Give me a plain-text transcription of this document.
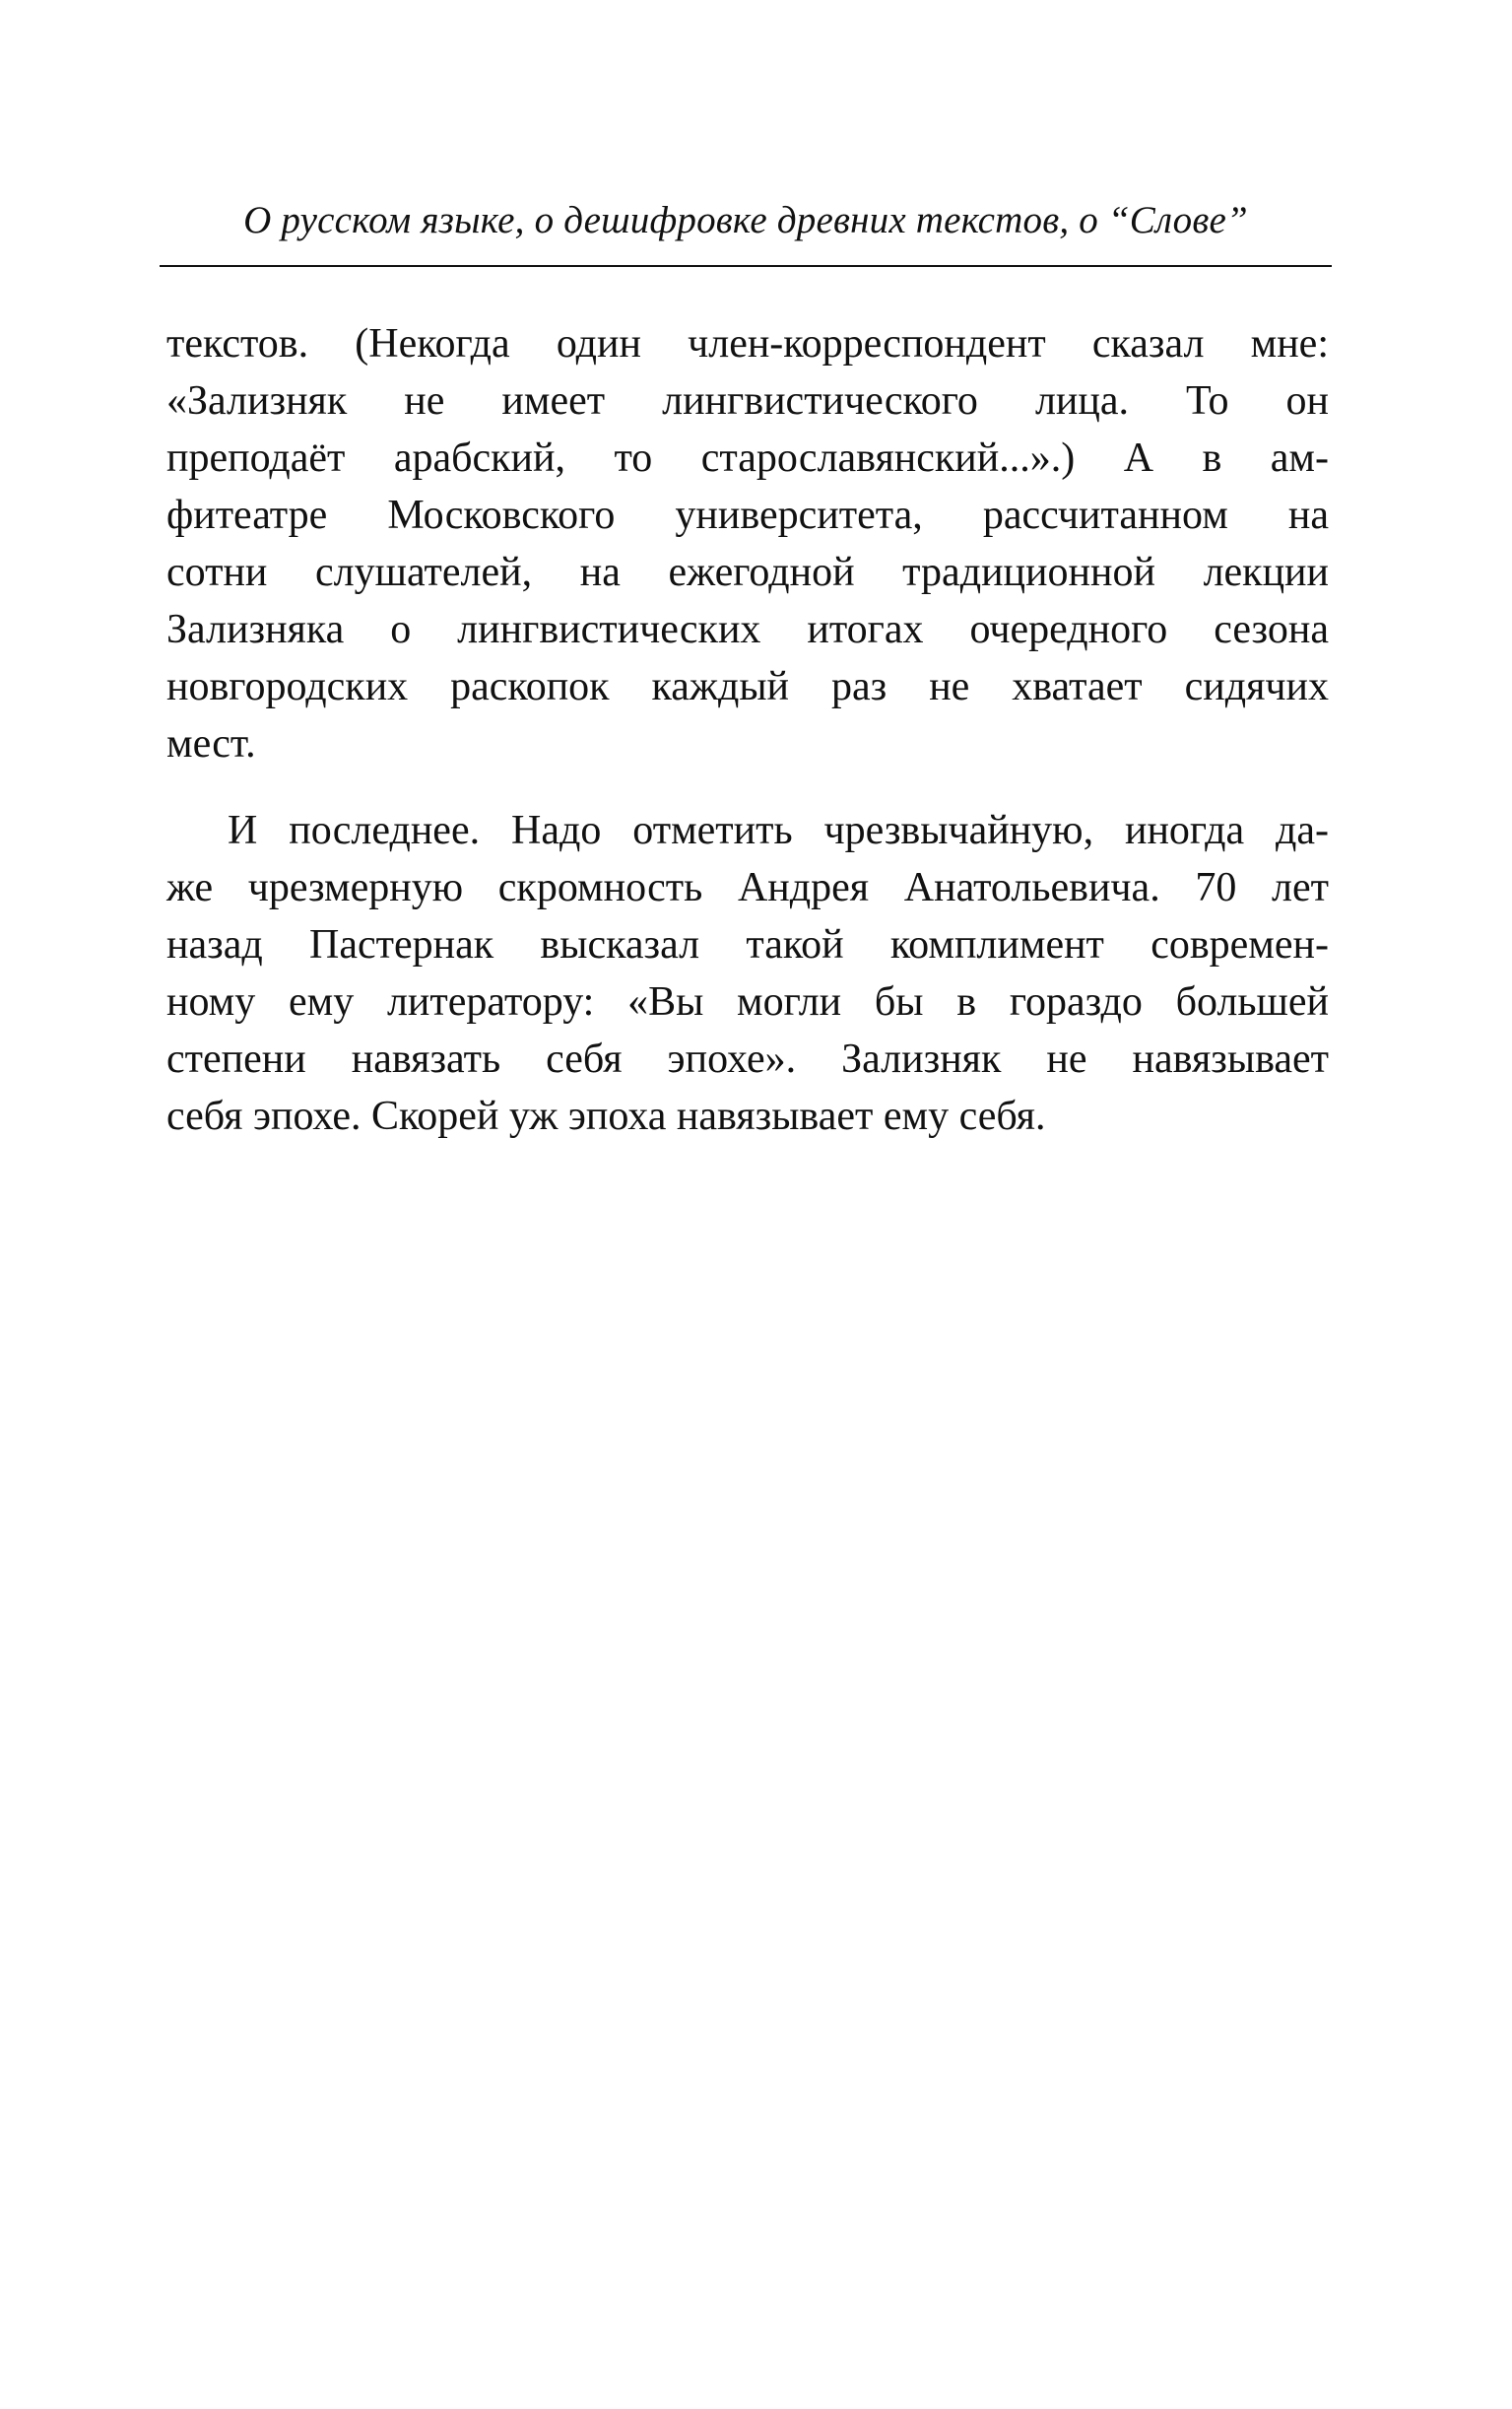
О русском языке, о дешифровке древних текстов, о “Слове”

текстов. (Некогда один член-корреспондент сказал мне:
«Зализняк не имеет лингвистического лица. То он
преподаёт арабский, то старославянский...».) А в ам-
фитеатре Московского университета, рассчитанном на
сотни слушателей, на ежегодной традиционной лекции
Зализняка о лингвистических итогах очередного сезона
новгородских раскопок каждый раз не хватает сидячих
мест.

И последнее. Надо отметить чрезвычайную, иногда да-
же чрезмерную скромность Андрея Анатольевича. 70 лет
назад Пастернак высказал такой комплимент современ-
ному ему литератору: «Вы могли бы в гораздо большей
степени навязать себя эпохе». Зализняк не навязывает
себя эпохе. Скорей уж эпоха навязывает ему себя.
